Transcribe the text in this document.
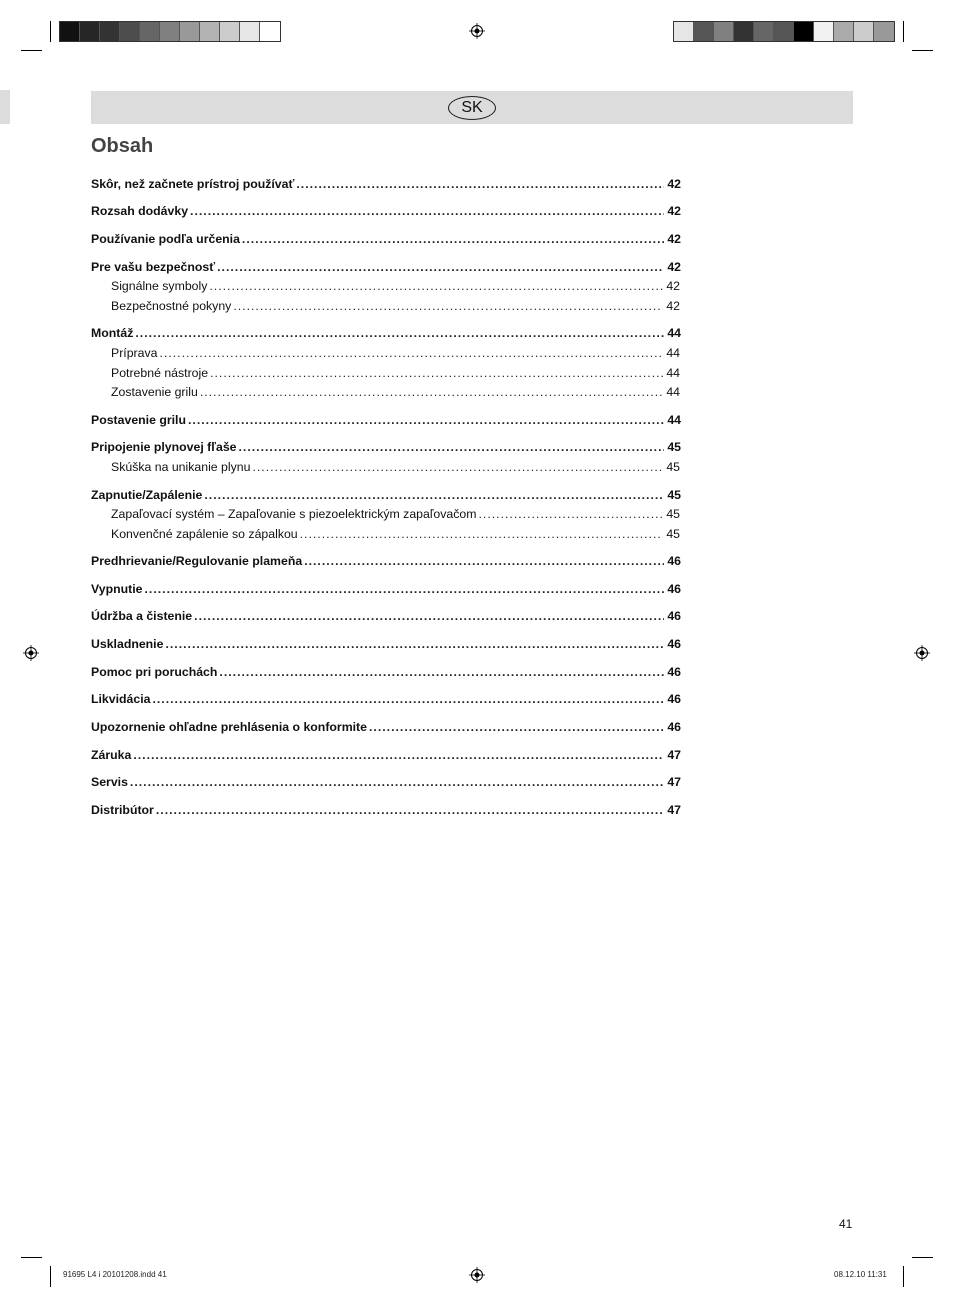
SK
Obsah
Skôr, než začnete prístroj používať .....	42
Rozsah dodávky .....	42
Používanie podľa určenia .....	42
Pre vašu bezpečnosť .....	42
Signálne symboly .....	42
Bezpečnostné pokyny .....	42
Montáž .....	44
Príprava .....	44
Potrebné nástroje .....	44
Zostavenie grilu .....	44
Postavenie grilu .....	44
Pripojenie plynovej fľaše .....	45
Skúška na unikanie plynu .....	45
Zapnutie/Zapálenie .....	45
Zapaľovací systém – Zapaľovanie s piezoelektrickým zapaľovačom .....	45
Konvenčné zapálenie so zápalkou .....	45
Predhrievanie/Regulovanie plameňa .....	46
Vypnutie .....	46
Údržba a čistenie .....	46
Uskladnenie .....	46
Pomoc pri poruchách .....	46
Likvidácia .....	46
Upozornenie ohľadne prehlásenia o konformite .....	46
Záruka .....	47
Servis .....	47
Distribútor .....	47
41
91695 L4 i 20101208.indd 41	08.12.10 11:31
